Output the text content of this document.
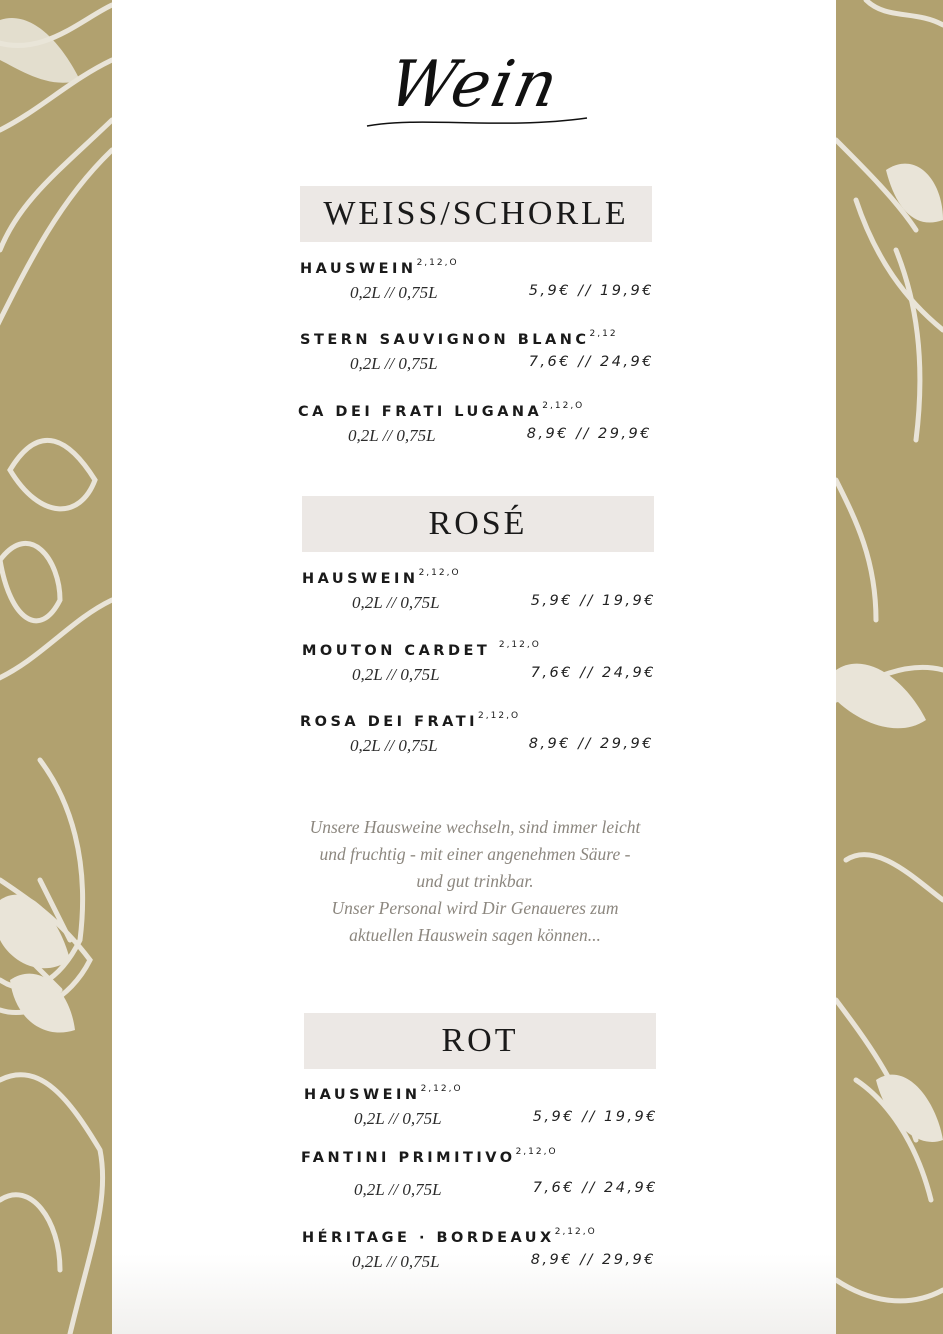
Wein
WEISS/SCHORLE
$HAUSWEIN^{2,12,O}$
0,2L // 0,75L	5,9€ // 19,9€
STERN SAUVIGNON BLANC$^{2,12}$
0,2L // 0,75L	7,6€ // 24,9€
CA DEI FRATI $LUGANA^{2,12,O}$
0,2L // 0,75L	8,9€ // 29,9€
ROSÉ
$HAUSWEIN^{2,12,O}$
0,2L // 0,75L	5,9€ // 19,9€
MOUTON CARDET $^{2,12,O}$
0,2L // 0,75L	7,6€ // 24,9€
ROSA DEI $FRATI^{2,12,O}$
0,2L // 0,75L	8,9€ // 29,9€
Unsere Hausweine wechseln, sind immer leicht
und fruchtig - mit einer angenehmen Säure -
und gut trinkbar.
Unser Personal wird Dir Genaueres zum
aktuellen Hauswein sagen können...
ROT
$HAUSWEIN^{2,12,O}$
0,2L // 0,75L	5,9€ // 19,9€
FANTINI $PRIMITIVO^{2,12,O}$
0,2L // 0,75L	7,6€ // 24,9€
HÉRITAGE · $BORDEAUX^{2,12,O}$
0,2L // 0,75L	8,9€ // 29,9€
